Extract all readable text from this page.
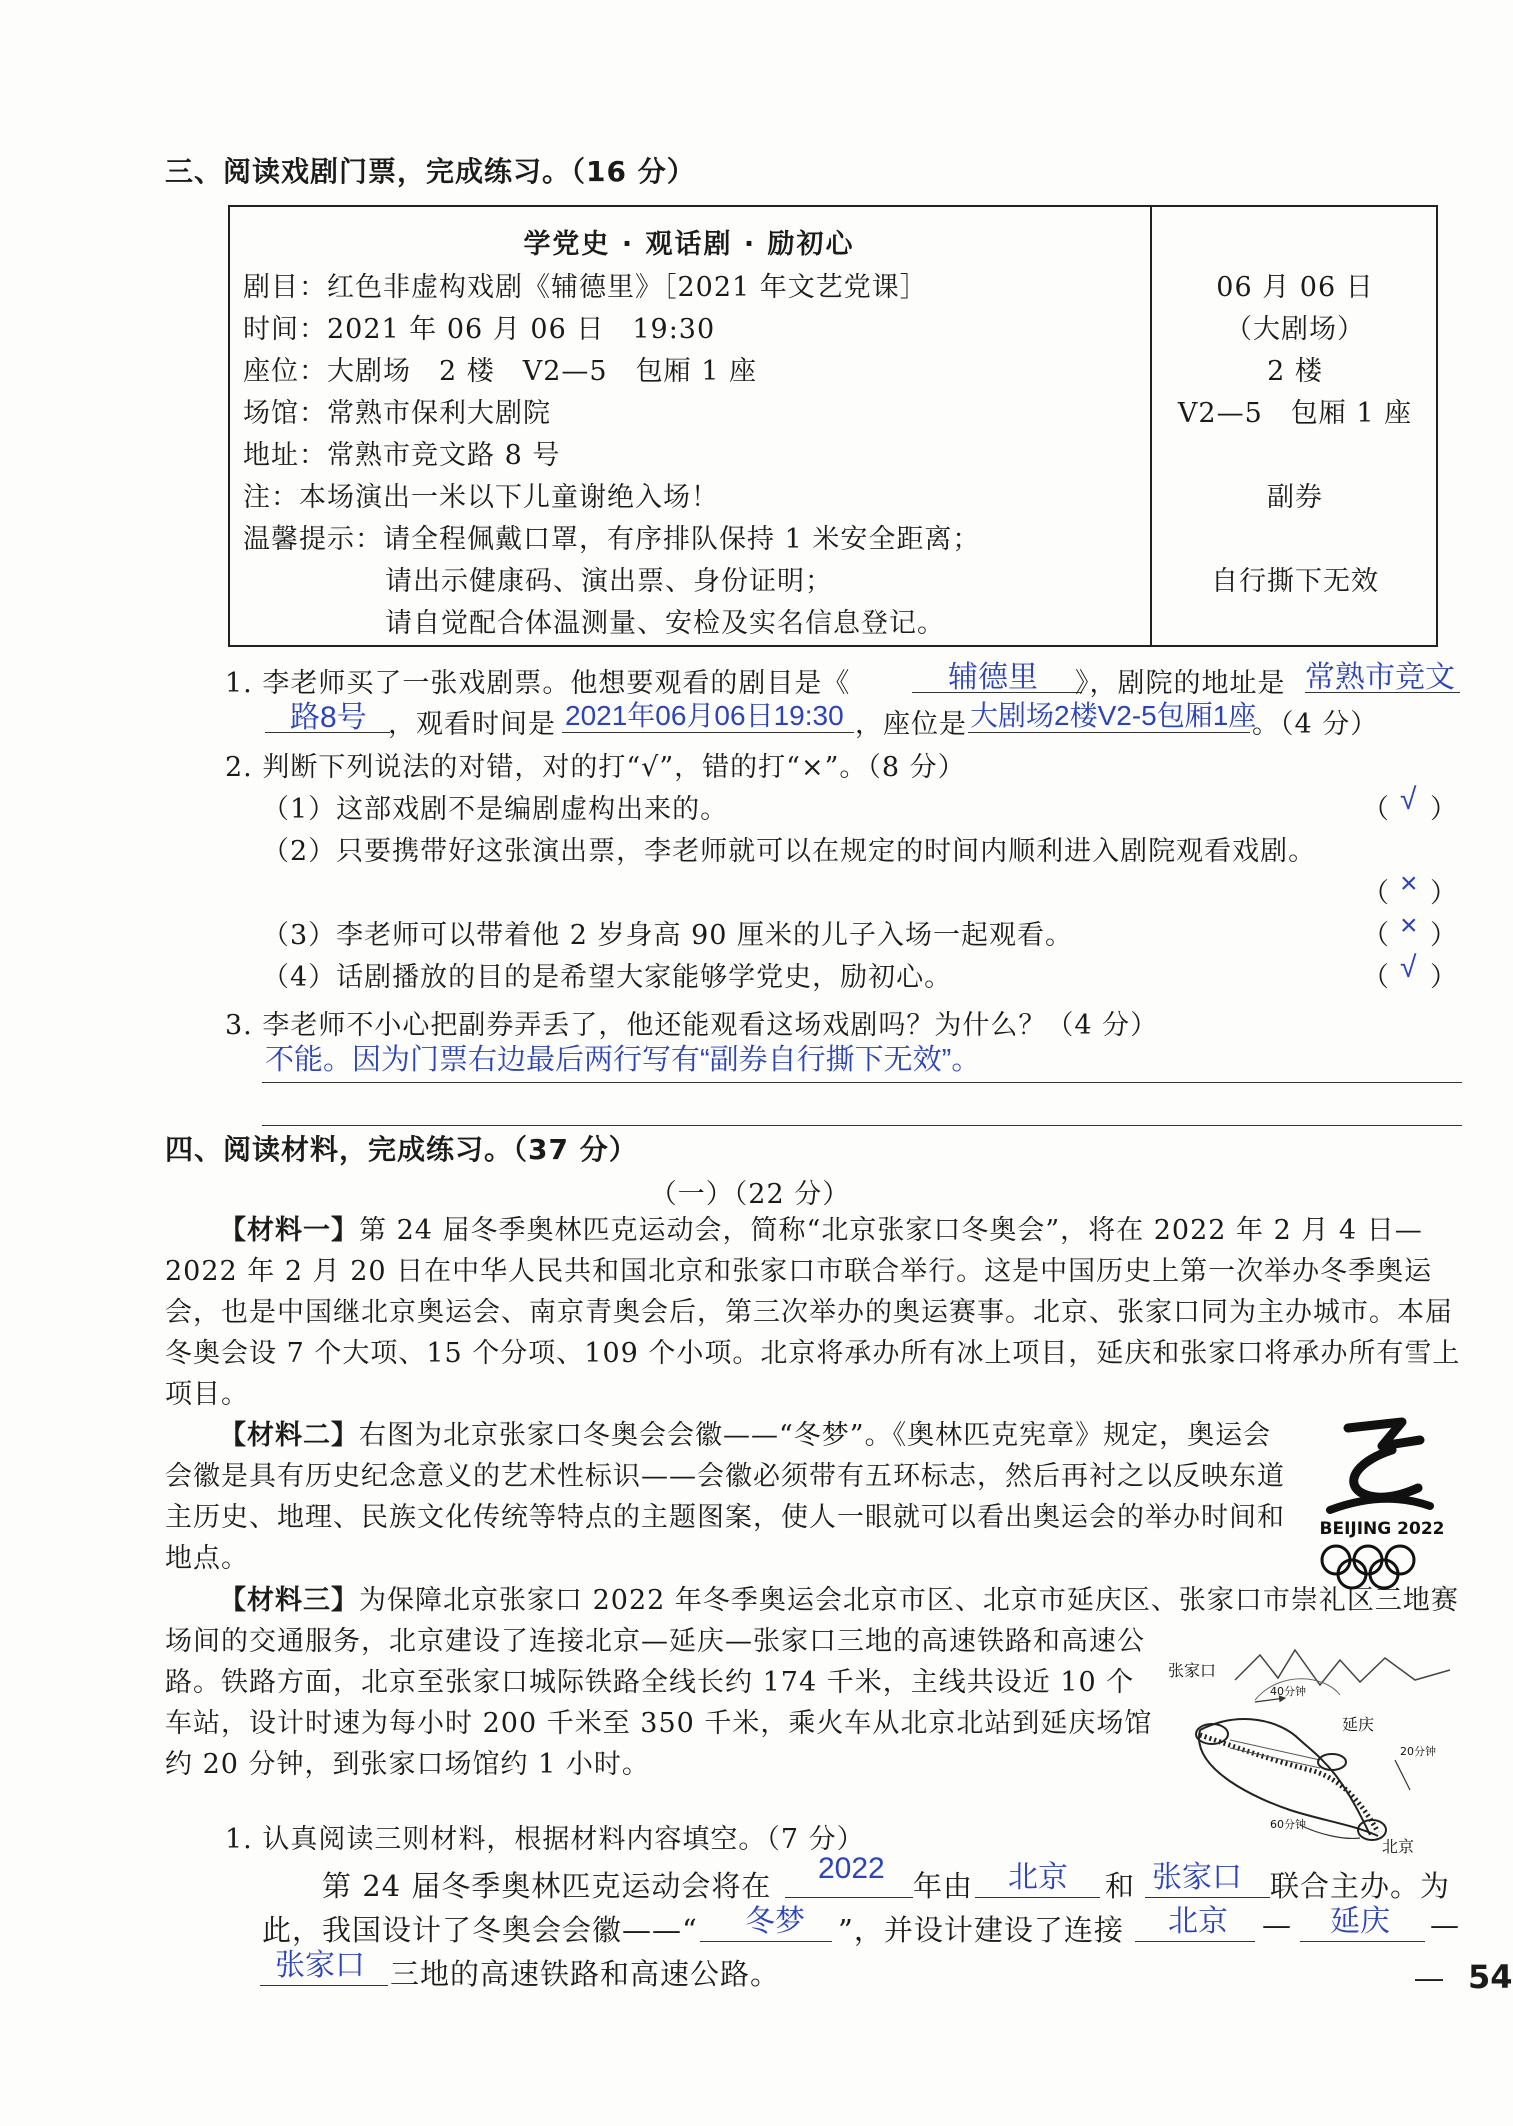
三、阅读戏剧门票，完成练习。（16 分）
学党史 · 观话剧 · 励初心
剧目：红色非虚构戏剧《辅德里》［2021 年文艺党课］
时间：2021 年 06 月 06 日　19:30
座位：大剧场　2 楼　V2—5　包厢 1 座
场馆：常熟市保利大剧院
地址：常熟市竞文路 8 号
注：本场演出一米以下儿童谢绝入场！
温馨提示：请全程佩戴口罩，有序排队保持 1 米安全距离；
请出示健康码、演出票、身份证明；
请自觉配合体温测量、安检及实名信息登记。
06 月 06 日
（大剧场）
2 楼
V2—5　包厢 1 座
副券
自行撕下无效
1. 李老师买了一张戏剧票。他想要观看的剧目是《	辅德里 》，剧院的地址是 常熟市竞文
路8号 ，观看时间是 2021年06月06日19:30 ，座位是 大剧场2楼V2-5包厢1座
。（4 分）
2. 判断下列说法的对错，对的打“√”，错的打“×”。（8 分）
（1）这部戏剧不是编剧虚构出来的。	（ √ ）
（2）只要携带好这张演出票，李老师就可以在规定的时间内顺利进入剧院观看戏剧。
（ × ）
（3）李老师可以带着他 2 岁身高 90 厘米的儿子入场一起观看。	（ × ）
（4）话剧播放的目的是希望大家能够学党史，励初心。	（ √ ）
3. 李老师不小心把副券弄丢了，他还能观看这场戏剧吗？为什么？（4 分）
不能。因为门票右边最后两行写有“副券自行撕下无效”。
四、阅读材料，完成练习。（37 分）
（一）（22 分）

【材料一】第 24 届冬季奥林匹克运动会，简称“北京张家口冬奥会”，将在 2022 年 2 月 4 日—2022 年 2 月 20 日在中华人民共和国北京和张家口市联合举行。这是中国历史上第一次举办冬季奥运会，也是中国继北京奥运会、南京青奥会后，第三次举办的奥运赛事。北京、张家口同为主办城市。本届冬奥会设 7 个大项、15 个分项、109 个小项。北京将承办所有冰上项目，延庆和张家口将承办所有雪上项目。

【材料二】右图为北京张家口冬奥会会徽——“冬梦”。《奥林匹克宪章》规定，奥运会会徽是具有历史纪念意义的艺术性标识——会徽必须带有五环标志，然后再衬之以反映东道主历史、地理、民族文化传统等特点的主题图案，使人一眼就可以看出奥运会的举办时间和地点。

BEIJING 2022

【材料三】为保障北京张家口 2022 年冬季奥运会北京市区、北京市延庆区、张家口市崇礼区三地赛场间的交通服务，北京建设了连接北京—延庆—张家口三地的高速铁路和高速公路。铁路方面，北京至张家口城际铁路全线长约 174 千米，主线共设近 10 个车站，设计时速为每小时 200 千米至 350 千米，乘火车从北京北站到延庆场馆约 20 分钟，到张家口场馆约 1 小时。

张家口
40分钟
延庆
20分钟
60分钟
北京
1. 认真阅读三则材料，根据材料内容填空。（7 分）
第 24 届冬季奥林匹克运动会将在
2022
年由 北京 和 张家口 联合主办。为
此，我国设计了冬奥会会徽——“ 冬梦 ”，并设计建设了连接 北京 — 延庆 —
张家口 三地的高速铁路和高速公路。	— 54
